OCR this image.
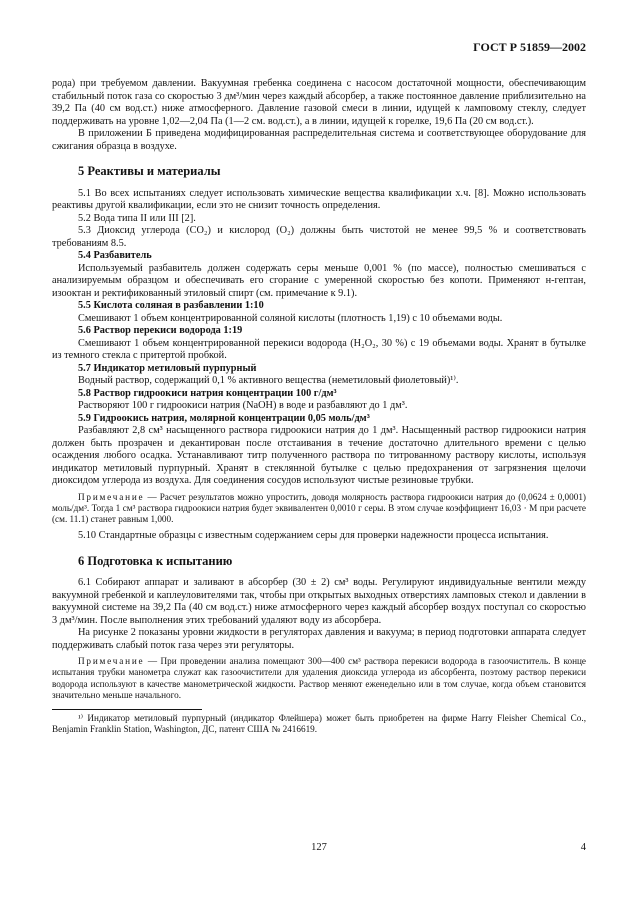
ГОСТ Р 51859—2002

рода) при требуемом давлении. Вакуумная гребенка соединена с насосом достаточной мощности, обеспечивающим стабильный поток газа со скоростью 3 дм³/мин через каждый абсорбер, а также постоянное давление приблизительно на 39,2 Па (40 см вод.ст.) ниже атмосферного. Давление газовой смеси в линии, идущей к ламповому стеклу, следует поддерживать на уровне 1,02—2,04 Па (1—2 см. вод.ст.), а в линии, идущей к горелке, 19,6 Па (20 см вод.ст.).

В приложении Б приведена модифицированная распределительная система и соответствующее оборудование для сжигания образца в воздухе.

5 Реактивы и материалы

5.1 Во всех испытаниях следует использовать химические вещества квалификации х.ч. [8]. Можно использовать реактивы другой квалификации, если это не снизит точность определения.

5.2 Вода типа II или III [2].

5.3 Диоксид углерода (CO₂) и кислород (O₂) должны быть чистотой не менее 99,5 % и соответствовать требованиям 8.5.

5.4 Разбавитель

Используемый разбавитель должен содержать серы меньше 0,001 % (по массе), полностью смешиваться с анализируемым образцом и обеспечивать его сгорание с умеренной скоростью без копоти. Применяют н-гептан, изооктан и ректификованный этиловый спирт (см. примечание к 9.1).

5.5 Кислота соляная в разбавлении 1:10

Смешивают 1 объем концентрированной соляной кислоты (плотность 1,19) с 10 объемами воды.

5.6 Раствор перекиси водорода 1:19

Смешивают 1 объем концентрированной перекиси водорода (H₂O₂, 30 %) с 19 объемами воды. Хранят в бутылке из темного стекла с притертой пробкой.

5.7 Индикатор метиловый пурпурный

Водный раствор, содержащий 0,1 % активного вещества (неметиловый фиолетовый)¹⁾.

5.8 Раствор гидроокиси натрия концентрации 100 г/дм³

Растворяют 100 г гидроокиси натрия (NaOH) в воде и разбавляют до 1 дм³.

5.9 Гидроокись натрия, молярной концентрации 0,05 моль/дм³

Разбавляют 2,8 см³ насыщенного раствора гидроокиси натрия до 1 дм³. Насыщенный раствор гидроокиси натрия должен быть прозрачен и декантирован после отстаивания в течение достаточно длительного времени с целью осаждения любого осадка. Устанавливают титр полученного раствора по титрованному раствору кислоты, используя индикатор метиловый пурпурный. Хранят в стеклянной бутылке с целью предохранения от загрязнения щелочи диоксидом углерода из воздуха. Для соединения сосудов используют чистые резиновые трубки.

Примечание — Расчет результатов можно упростить, доводя молярность раствора гидроокиси натрия до (0,0624 ± 0,0001) моль/дм³. Тогда 1 см³ раствора гидроокиси натрия будет эквивалентен 0,0010 г серы. В этом случае коэффициент 16,03 · M при расчете (см. 11.1) станет равным 1,000.

5.10 Стандартные образцы с известным содержанием серы для проверки надежности процесса испытания.

6 Подготовка к испытанию

6.1 Собирают аппарат и заливают в абсорбер (30 ± 2) см³ воды. Регулируют индивидуальные вентили между вакуумной гребенкой и каплеуловителями так, чтобы при открытых выходных отверстиях ламповых стекол и давлении в вакуумной системе на 39,2 Па (40 см вод.ст.) ниже атмосферного через каждый абсорбер воздух поступал со скоростью 3 дм³/мин. После выполнения этих требований удаляют воду из абсорбера.

На рисунке 2 показаны уровни жидкости в регуляторах давления и вакуума; в период подготовки аппарата следует поддерживать слабый поток газа через эти регуляторы.

Примечание — При проведении анализа помещают 300—400 см³ раствора перекиси водорода в газоочиститель. В конце испытания трубки манометра служат как газоочистители для удаления диоксида углерода из абсорбента, поэтому раствор перекиси водорода используют в качестве манометрической жидкости. Раствор меняют еженедельно или в том случае, когда объем становится значительно меньше начального.
¹⁾ Индикатор метиловый пурпурный (индикатор Флейшера) может быть приобретен на фирме Harry Fleisher Chemical Co., Benjamin Franklin Station, Washington, ДС, патент США № 2416619.
127	4
